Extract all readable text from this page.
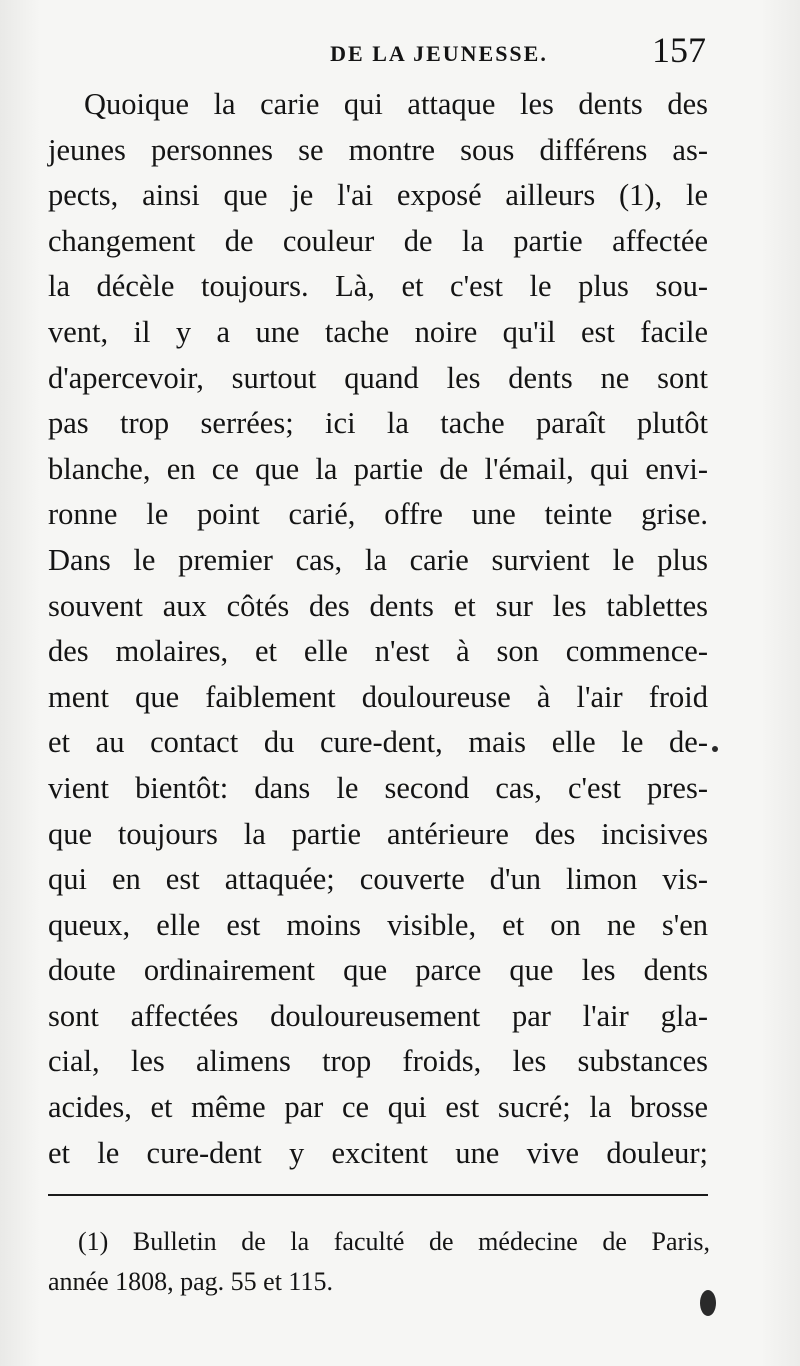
DE LA JEUNESSE.	157
Quoique la carie qui attaque les dents des
jeunes personnes se montre sous différens as-
pects, ainsi que je l'ai exposé ailleurs (1), le
changement de couleur de la partie affectée
la décèle toujours. Là, et c'est le plus sou-
vent, il y a une tache noire qu'il est facile
d'apercevoir, surtout quand les dents ne sont
pas trop serrées; ici la tache paraît plutôt
blanche, en ce que la partie de l'émail, qui envi-
ronne le point carié, offre une teinte grise.
Dans le premier cas, la carie survient le plus
souvent aux côtés des dents et sur les tablettes
des molaires, et elle n'est à son commence-
ment que faiblement douloureuse à l'air froid
et au contact du cure-dent, mais elle le de-
vient bientôt: dans le second cas, c'est pres-
que toujours la partie antérieure des incisives
qui en est attaquée; couverte d'un limon vis-
queux, elle est moins visible, et on ne s'en
doute ordinairement que parce que les dents
sont affectées douloureusement par l'air gla-
cial, les alimens trop froids, les substances
acides, et même par ce qui est sucré; la brosse
et le cure-dent y excitent une vive douleur;
(1) Bulletin de la faculté de médecine de Paris,
année 1808, pag. 55 et 115.
